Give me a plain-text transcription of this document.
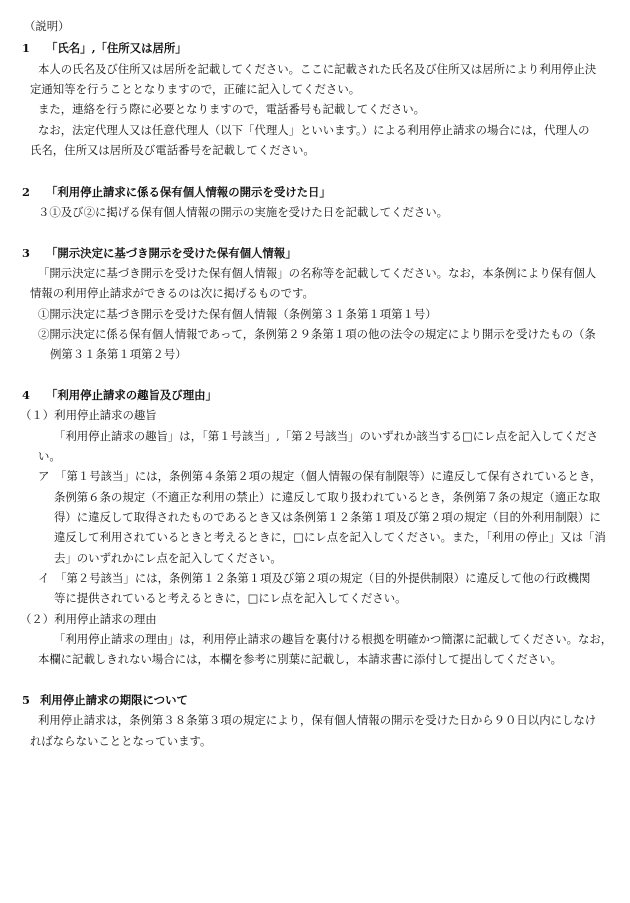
（説明）
1 「氏名」,「住所又は居所」
本人の氏名及び住所又は居所を記載してください。ここに記載された氏名及び住所又は居所により利用停止決
定通知等を行うこととなりますので，正確に記入してください。
また，連絡を行う際に必要となりますので，電話番号も記載してください。
なお，法定代理人又は任意代理人（以下「代理人」といいます。）による利用停止請求の場合には，代理人の
氏名，住所又は居所及び電話番号を記載してください。
2 「利用停止請求に係る保有個人情報の開示を受けた日」
３①及び②に掲げる保有個人情報の開示の実施を受けた日を記載してください。
3 「開示決定に基づき開示を受けた保有個人情報」
「開示決定に基づき開示を受けた保有個人情報」の名称等を記載してください。なお，本条例により保有個人
情報の利用停止請求ができるのは次に掲げるものです。
①開示決定に基づき開示を受けた保有個人情報（条例第３１条第１項第１号）
②開示決定に係る保有個人情報であって，条例第２９条第１項の他の法令の規定により開示を受けたもの（条
例第３１条第１項第２号）
4 「利用停止請求の趣旨及び理由」
（１）利用停止請求の趣旨
「利用停止請求の趣旨」は，「第１号該当」,「第２号該当」のいずれか該当する□にレ点を記入してくださ
い。
ア　「第１号該当」には，条例第４条第２項の規定（個人情報の保有制限等）に違反して保有されているとき，
条例第６条の規定（不適正な利用の禁止）に違反して取り扱われているとき，条例第７条の規定（適正な取
得）に違反して取得されたものであるとき又は条例第１２条第１項及び第２項の規定（目的外利用制限）に
違反して利用されているときと考えるときに，□にレ点を記入してください。また，「利用の停止」又は「消
去」のいずれかにレ点を記入してください。
イ　「第２号該当」には，条例第１２条第１項及び第２項の規定（目的外提供制限）に違反して他の行政機関
等に提供されていると考えるときに，□にレ点を記入してください。
（２）利用停止請求の理由
「利用停止請求の理由」は，利用停止請求の趣旨を裏付ける根拠を明確かつ簡潔に記載してください。なお，
本欄に記載しきれない場合には，本欄を参考に別葉に記載し，本請求書に添付して提出してください。
5 利用停止請求の期限について
利用停止請求は，条例第３８条第３項の規定により，保有個人情報の開示を受けた日から９０日以内にしなけ
ればならないこととなっています。
